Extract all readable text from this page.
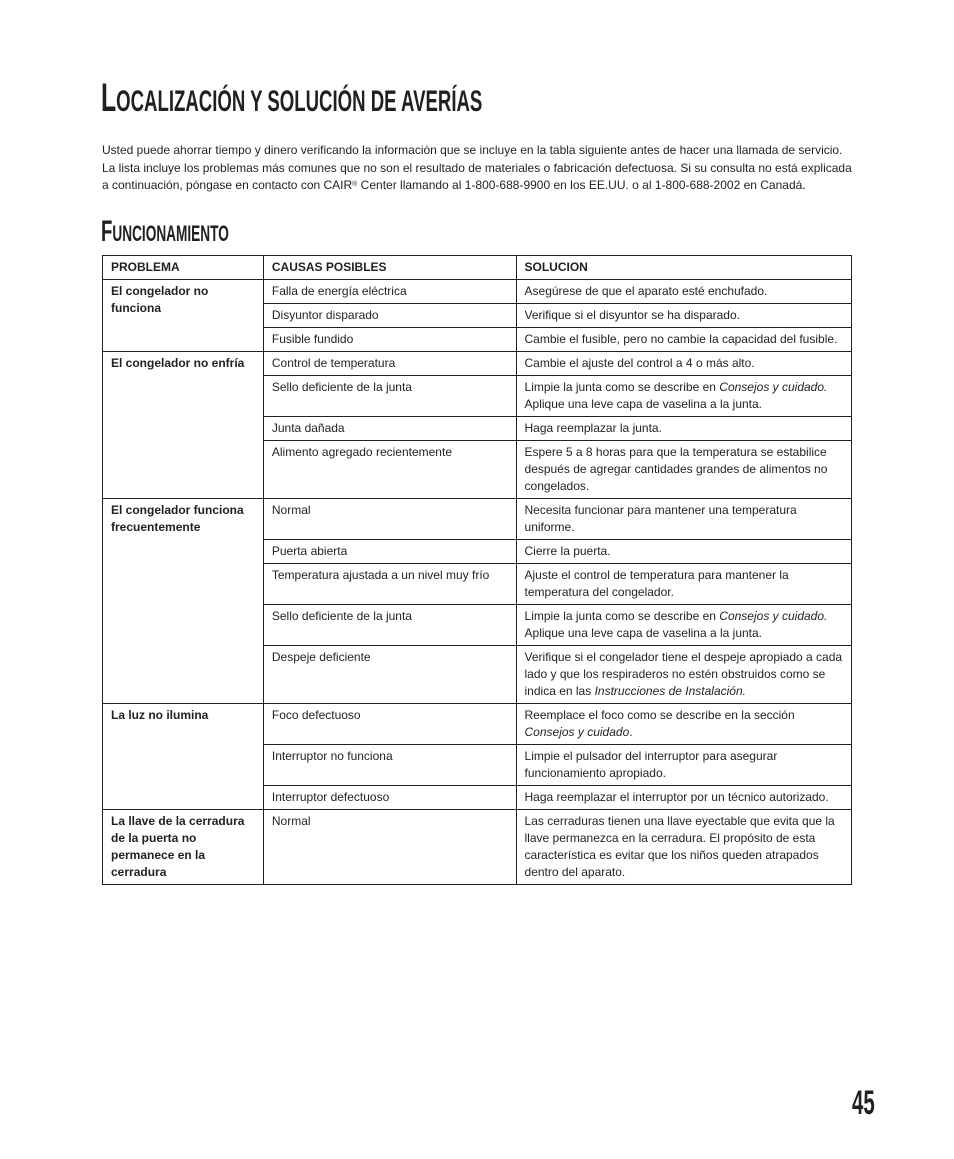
LOCALIZACIÓN Y SOLUCIÓN DE AVERÍAS

Usted puede ahorrar tiempo y dinero verificando la información que se incluye en la tabla siguiente antes de hacer una llamada de servicio. La lista incluye los problemas más comunes que no son el resultado de materiales o fabricación defectuosa. Si su consulta no está explicada a continuación, póngase en contacto con CAIR® Center llamando al 1-800-688-9900 en los EE.UU. o al 1-800-688-2002 en Canadá.

FUNCIONAMIENTO
PROBLEMA	CAUSAS POSIBLES	SOLUCION
El congelador no funciona	Falla de energía eléctrica	Asegúrese de que el aparato esté enchufado.
	Disyuntor disparado	Verifique si el disyuntor se ha disparado.
	Fusible fundido	Cambie el fusible, pero no cambie la capacidad del fusible.
El congelador no enfría	Control de temperatura	Cambie el ajuste del control a 4 o más alto.
	Sello deficiente de la junta	Limpie la junta como se describe en Consejos y cuidado. Aplique una leve capa de vaselina a la junta.
	Junta dañada	Haga reemplazar la junta.
	Alimento agregado recientemente	Espere 5 a 8 horas para que la temperatura se estabilice después de agregar cantidades grandes de alimentos no congelados.
El congelador funciona frecuentemente	Normal	Necesita funcionar para mantener una temperatura uniforme.
	Puerta abierta	Cierre la puerta.
	Temperatura ajustada a un nivel muy frío	Ajuste el control de temperatura para mantener la temperatura del congelador.
	Sello deficiente de la junta	Limpie la junta como se describe en Consejos y cuidado. Aplique una leve capa de vaselina a la junta.
	Despeje deficiente	Verifique si el congelador tiene el despeje apropiado a cada lado y que los respiraderos no estén obstruidos como se indica en las Instrucciones de Instalación.
La luz no ilumina	Foco defectuoso	Reemplace el foco como se describe en la sección Consejos y cuidado.
	Interruptor no funciona	Limpie el pulsador del interruptor para asegurar funcionamiento apropiado.
	Interruptor defectuoso	Haga reemplazar el interruptor por un técnico autorizado.
La llave de la cerradura de la puerta no permanece en la cerradura	Normal	Las cerraduras tienen una llave eyectable que evita que la llave permanezca en la cerradura. El propósito de esta característica es evitar que los niños queden atrapados dentro del aparato.

45
